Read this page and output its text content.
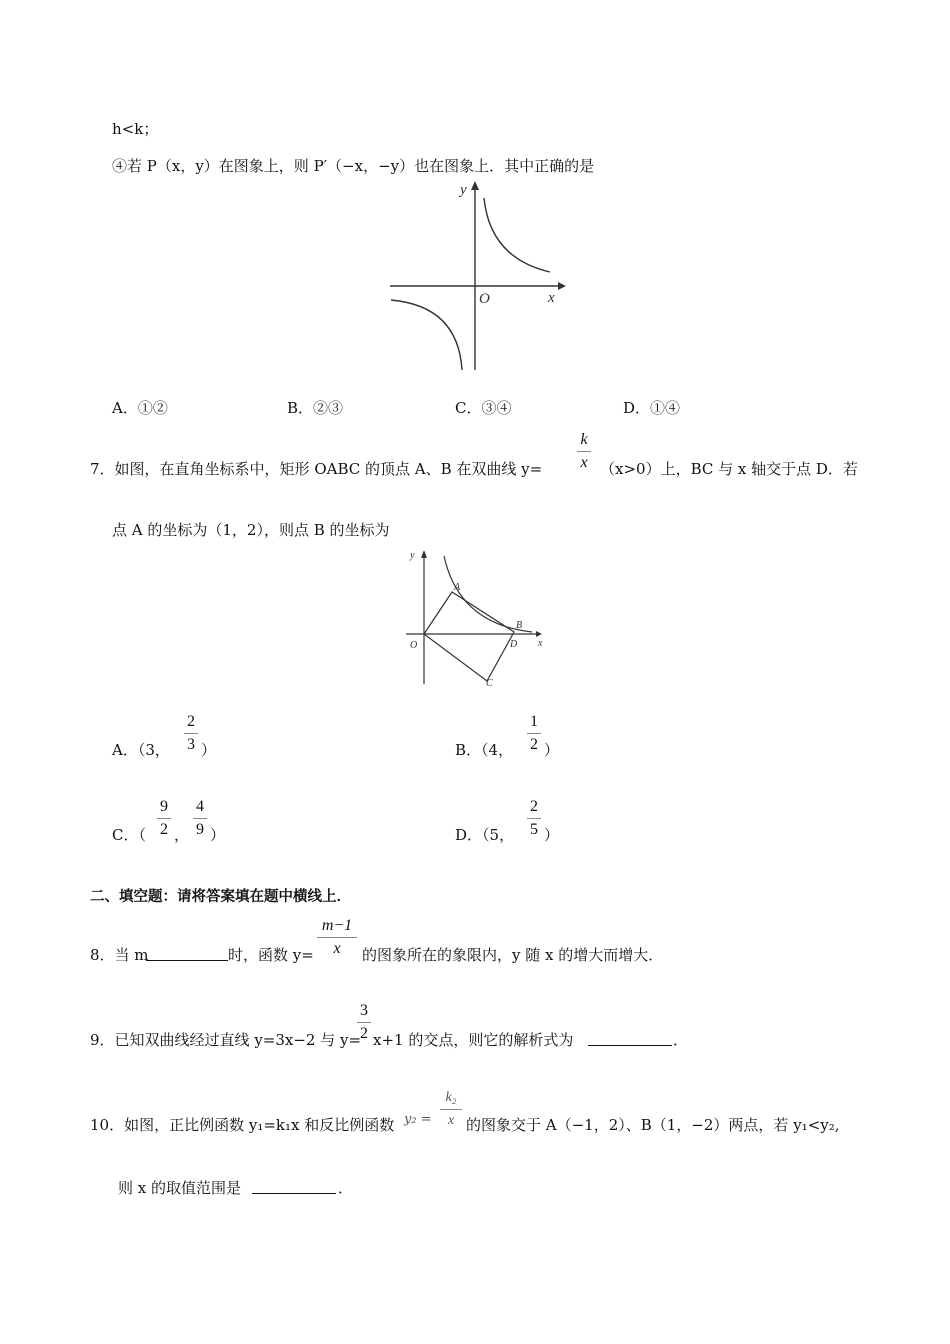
h<k；
④若 P（x，y）在图象上，则 P′（−x，−y）也在图象上．其中正确的是
y
x
O
A．①②	B．②③	C．③④	D．①④
7．如图，在直角坐标系中，矩形 OABC 的顶点 A、B 在双曲线 y=
k
x （x>0）上，BC 与 x 轴交于点 D．若
点 A 的坐标为（1，2），则点 B 的坐标为
y
x
O
A
B
C
D
A．（3，
2
3 ）	B．（4，
1
2 ）
C．（
9
2 ，
4
9 ）	D．（5，
2
5 ）
二、填空题：请将答案填在题中横线上．
8．当 m	时，函数 y=
m−1
x	的图象所在的象限内，y 随 x 的增大而增大．
9．已知双曲线经过直线 y=3x−2 与 y=
3
2 x+1 的交点，则它的解析式为	．
10．如图，正比例函数 y₁=k₁x 和反比例函数 y₂ =
k₂
x 的图象交于 A（−1，2）、B（1，−2）两点，若 y₁<y₂,
则 x 的取值范围是	．
